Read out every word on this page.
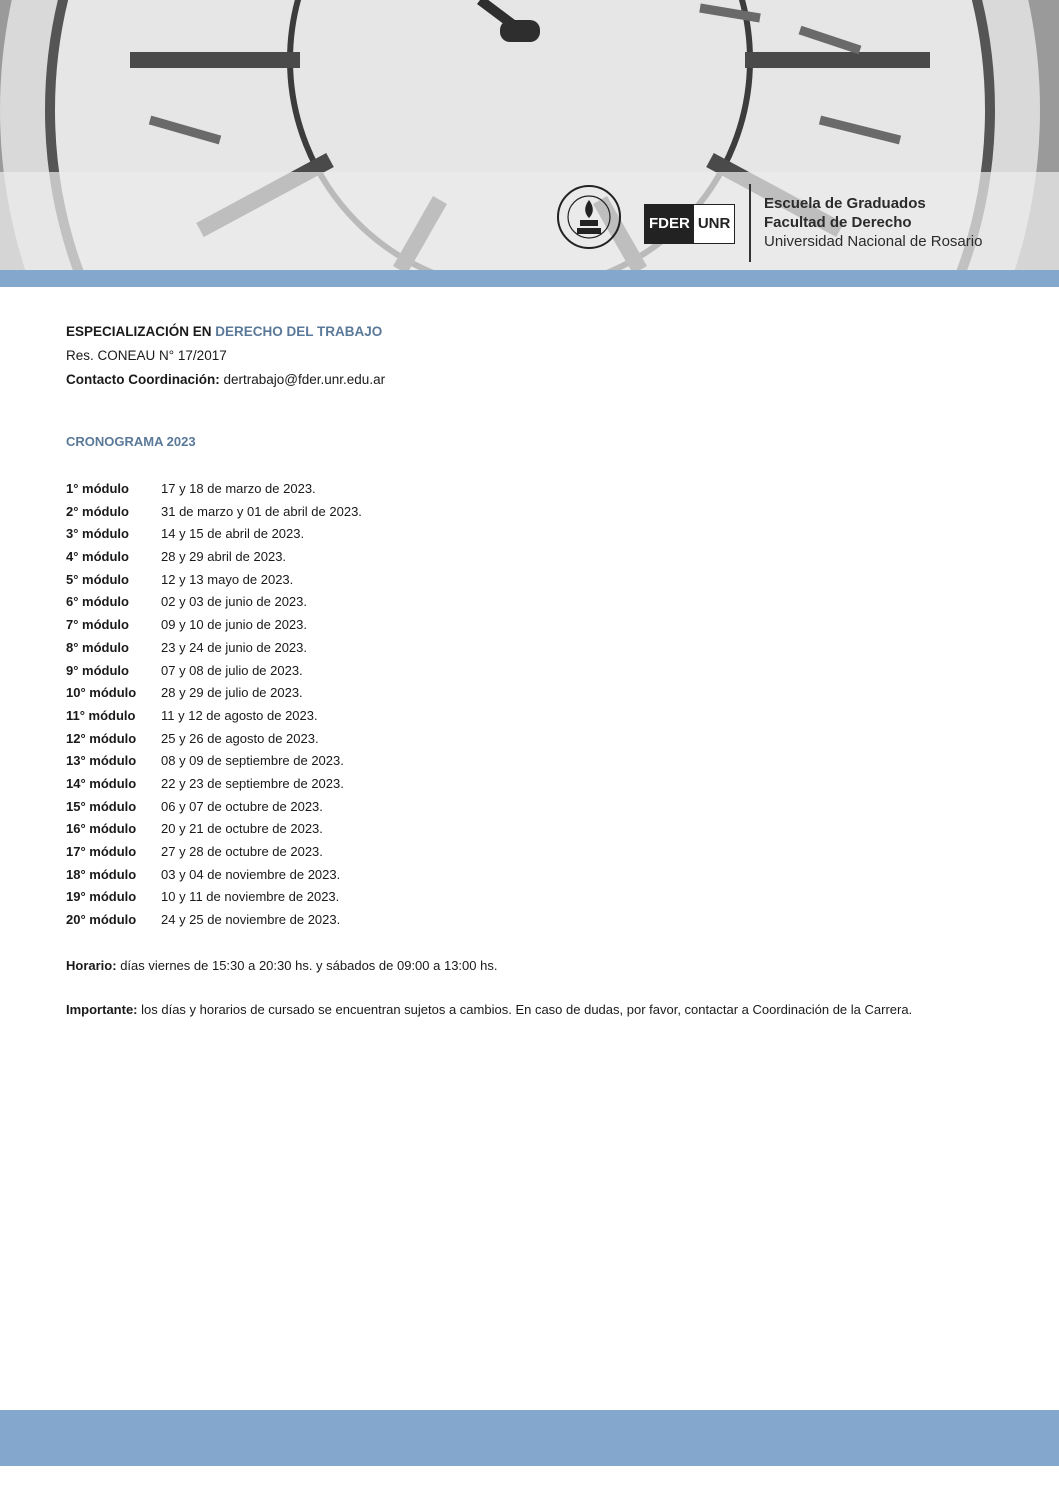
FDER UNR
Escuela de Graduados
Facultad de Derecho
Universidad Nacional de Rosario
ESPECIALIZACIÓN EN DERECHO DEL TRABAJO
Res. CONEAU N° 17/2017
Contacto Coordinación: dertrabajo@fder.unr.edu.ar
CRONOGRAMA 2023
1° módulo	17 y 18 de marzo de 2023.
2° módulo	31 de marzo y 01 de abril de 2023.
3° módulo	14 y 15 de abril de 2023.
4° módulo	28 y 29 abril de 2023.
5° módulo	12 y 13 mayo de 2023.
6° módulo	02 y 03 de junio de 2023.
7° módulo	09 y 10 de junio de 2023.
8° módulo	23 y 24 de junio de 2023.
9° módulo	07 y 08 de julio de 2023.
10° módulo	28 y 29 de julio de 2023.
11° módulo	11 y 12 de agosto de 2023.
12° módulo	25 y 26 de agosto de 2023.
13° módulo	08 y 09 de septiembre de 2023.
14° módulo	22 y 23 de septiembre de 2023.
15° módulo	06 y 07 de octubre de 2023.
16° módulo	20 y 21 de octubre de 2023.
17° módulo	27 y 28 de octubre de 2023.
18° módulo	03 y 04 de noviembre de 2023.
19° módulo	10 y 11 de noviembre de 2023.
20° módulo	24 y 25 de noviembre de 2023.
Horario: días viernes de 15:30 a 20:30 hs. y sábados de 09:00 a 13:00 hs.
Importante: los días y horarios de cursado se encuentran sujetos a cambios. En caso de dudas, por favor, contactar a Coordinación de la Carrera.
